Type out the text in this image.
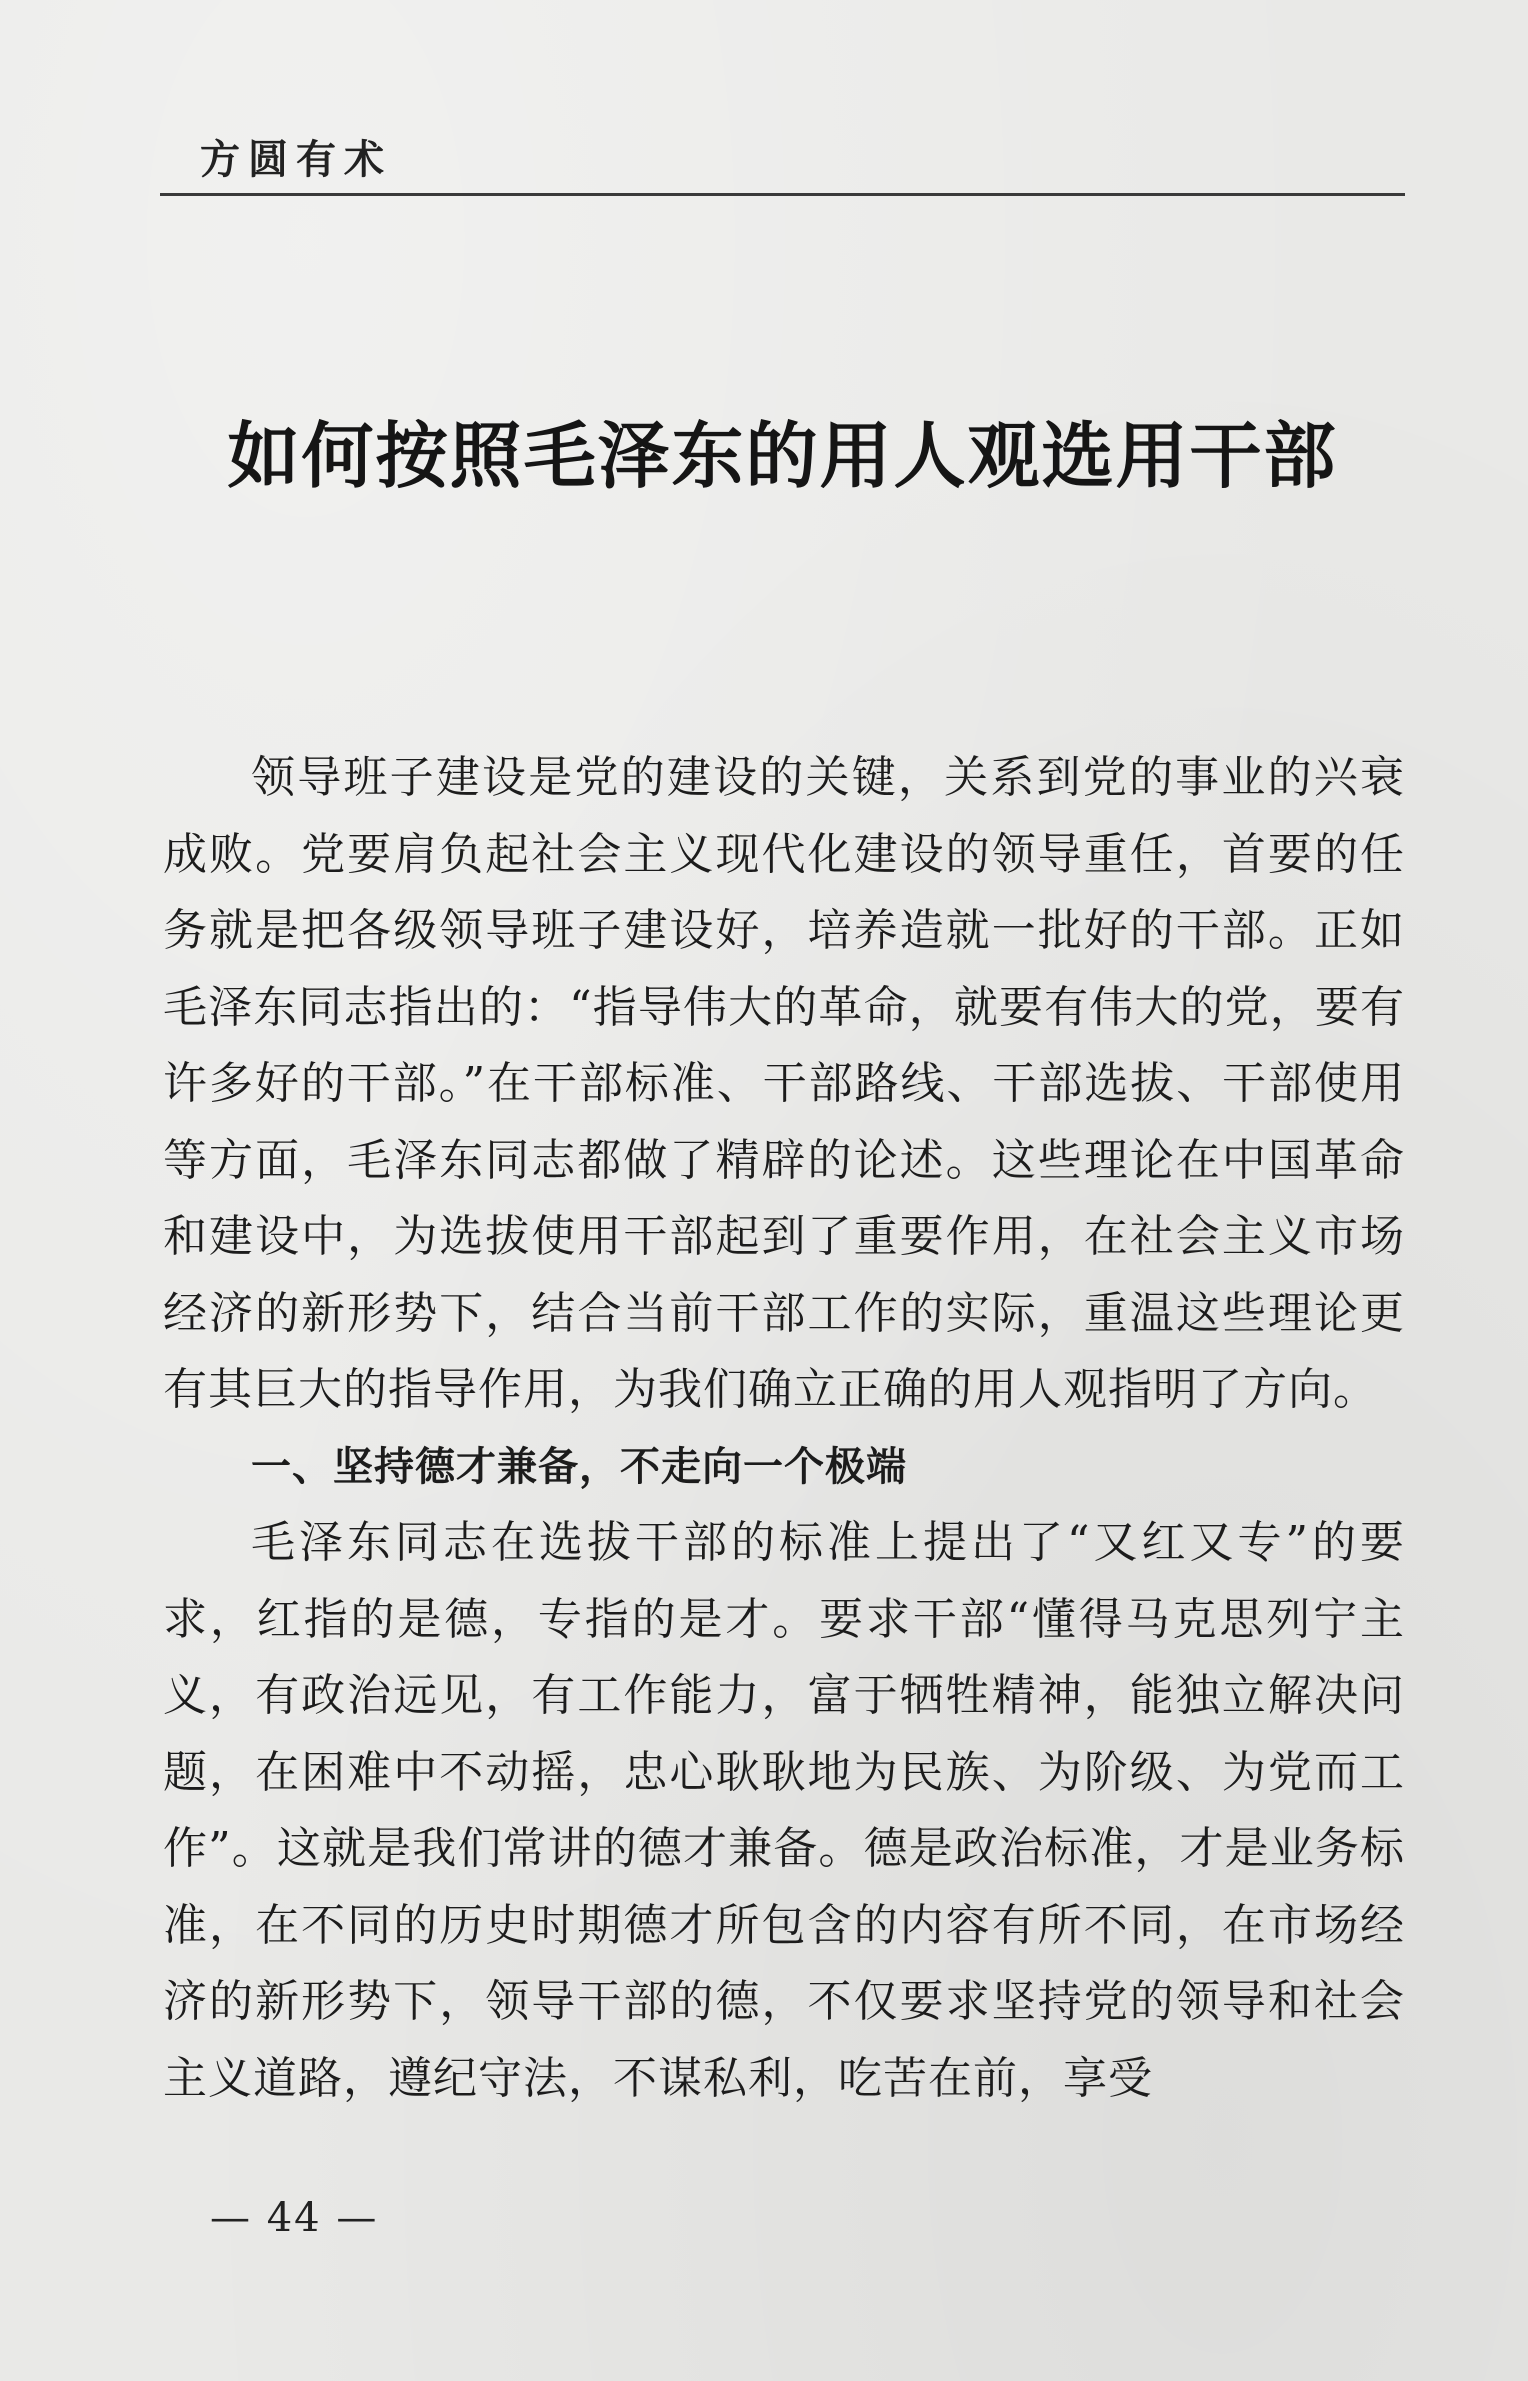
方圆有术
如何按照毛泽东的用人观选用干部

领导班子建设是党的建设的关键，关系到党的事业的兴衰成败。党要肩负起社会主义现代化建设的领导重任，首要的任务就是把各级领导班子建设好，培养造就一批好的干部。正如毛泽东同志指出的：“指导伟大的革命，就要有伟大的党，要有许多好的干部。”在干部标准、干部路线、干部选拔、干部使用等方面，毛泽东同志都做了精辟的论述。这些理论在中国革命和建设中，为选拔使用干部起到了重要作用，在社会主义市场经济的新形势下，结合当前干部工作的实际，重温这些理论更有其巨大的指导作用，为我们确立正确的用人观指明了方向。

一、坚持德才兼备，不走向一个极端

毛泽东同志在选拔干部的标准上提出了“又红又专”的要求，红指的是德，专指的是才。要求干部“懂得马克思列宁主义，有政治远见，有工作能力，富于牺牲精神，能独立解决问题，在困难中不动摇，忠心耿耿地为民族、为阶级、为党而工作”。这就是我们常讲的德才兼备。德是政治标准，才是业务标准，在不同的历史时期德才所包含的内容有所不同，在市场经济的新形势下，领导干部的德，不仅要求坚持党的领导和社会主义道路，遵纪守法，不谋私利，吃苦在前，享受

— 44 —
